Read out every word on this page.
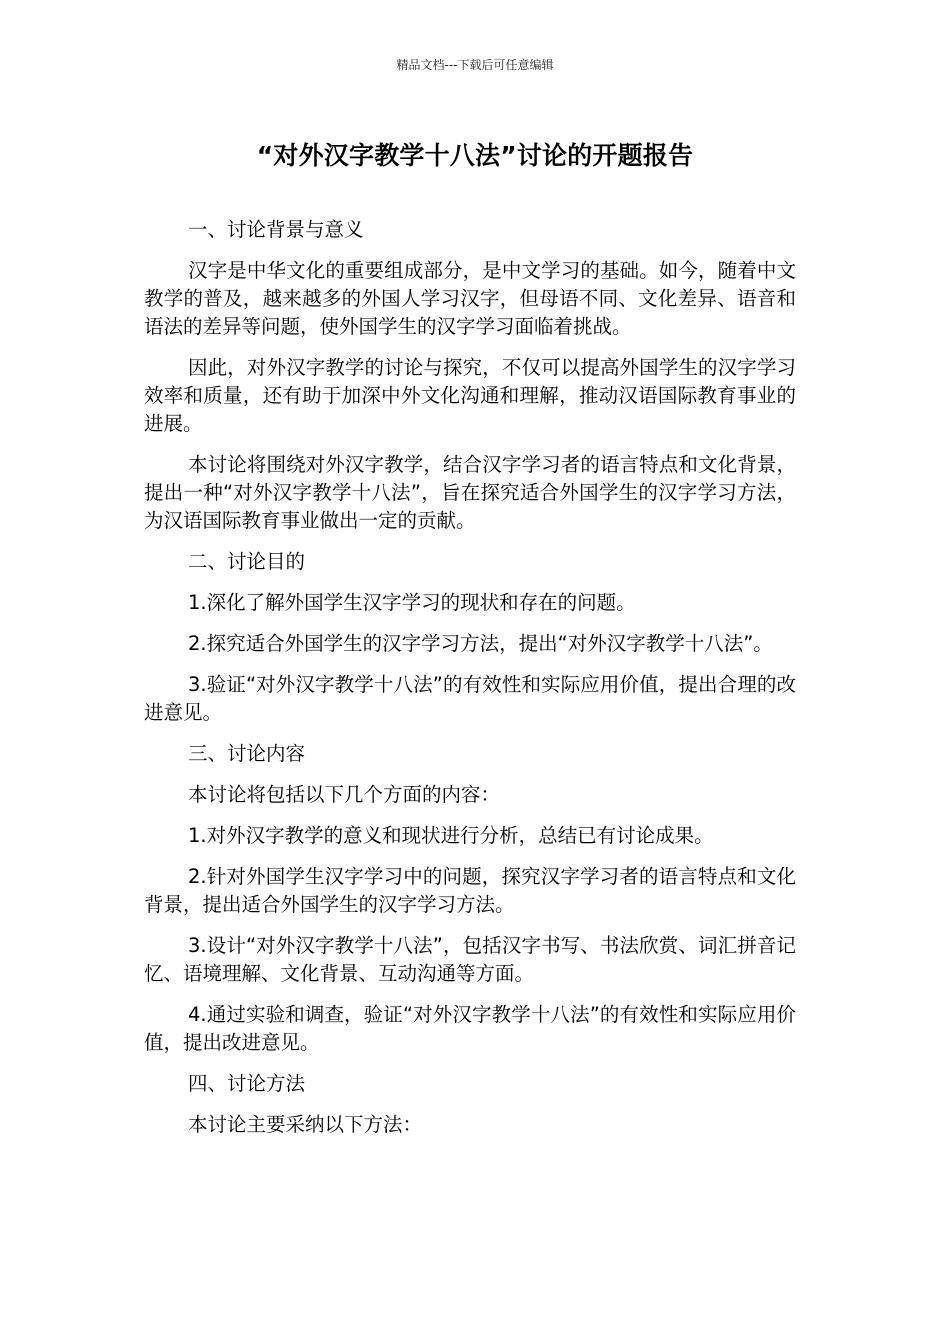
精品文档---下载后可任意编辑
“对外汉字教学十八法”讨论的开题报告

一、讨论背景与意义

汉字是中华文化的重要组成部分，是中文学习的基础。如今，随着中文教学的普及，越来越多的外国人学习汉字，但母语不同、文化差异、语音和语法的差异等问题，使外国学生的汉字学习面临着挑战。

因此，对外汉字教学的讨论与探究，不仅可以提高外国学生的汉字学习效率和质量，还有助于加深中外文化沟通和理解，推动汉语国际教育事业的进展。

本讨论将围绕对外汉字教学，结合汉字学习者的语言特点和文化背景，提出一种“对外汉字教学十八法”，旨在探究适合外国学生的汉字学习方法，为汉语国际教育事业做出一定的贡献。

二、讨论目的

1.深化了解外国学生汉字学习的现状和存在的问题。

2.探究适合外国学生的汉字学习方法，提出“对外汉字教学十八法”。

3.验证“对外汉字教学十八法”的有效性和实际应用价值，提出合理的改进意见。

三、讨论内容

本讨论将包括以下几个方面的内容：

1.对外汉字教学的意义和现状进行分析，总结已有讨论成果。

2.针对外国学生汉字学习中的问题，探究汉字学习者的语言特点和文化背景，提出适合外国学生的汉字学习方法。

3.设计“对外汉字教学十八法”，包括汉字书写、书法欣赏、词汇拼音记忆、语境理解、文化背景、互动沟通等方面。

4.通过实验和调查，验证“对外汉字教学十八法”的有效性和实际应用价值，提出改进意见。

四、讨论方法

本讨论主要采纳以下方法：
